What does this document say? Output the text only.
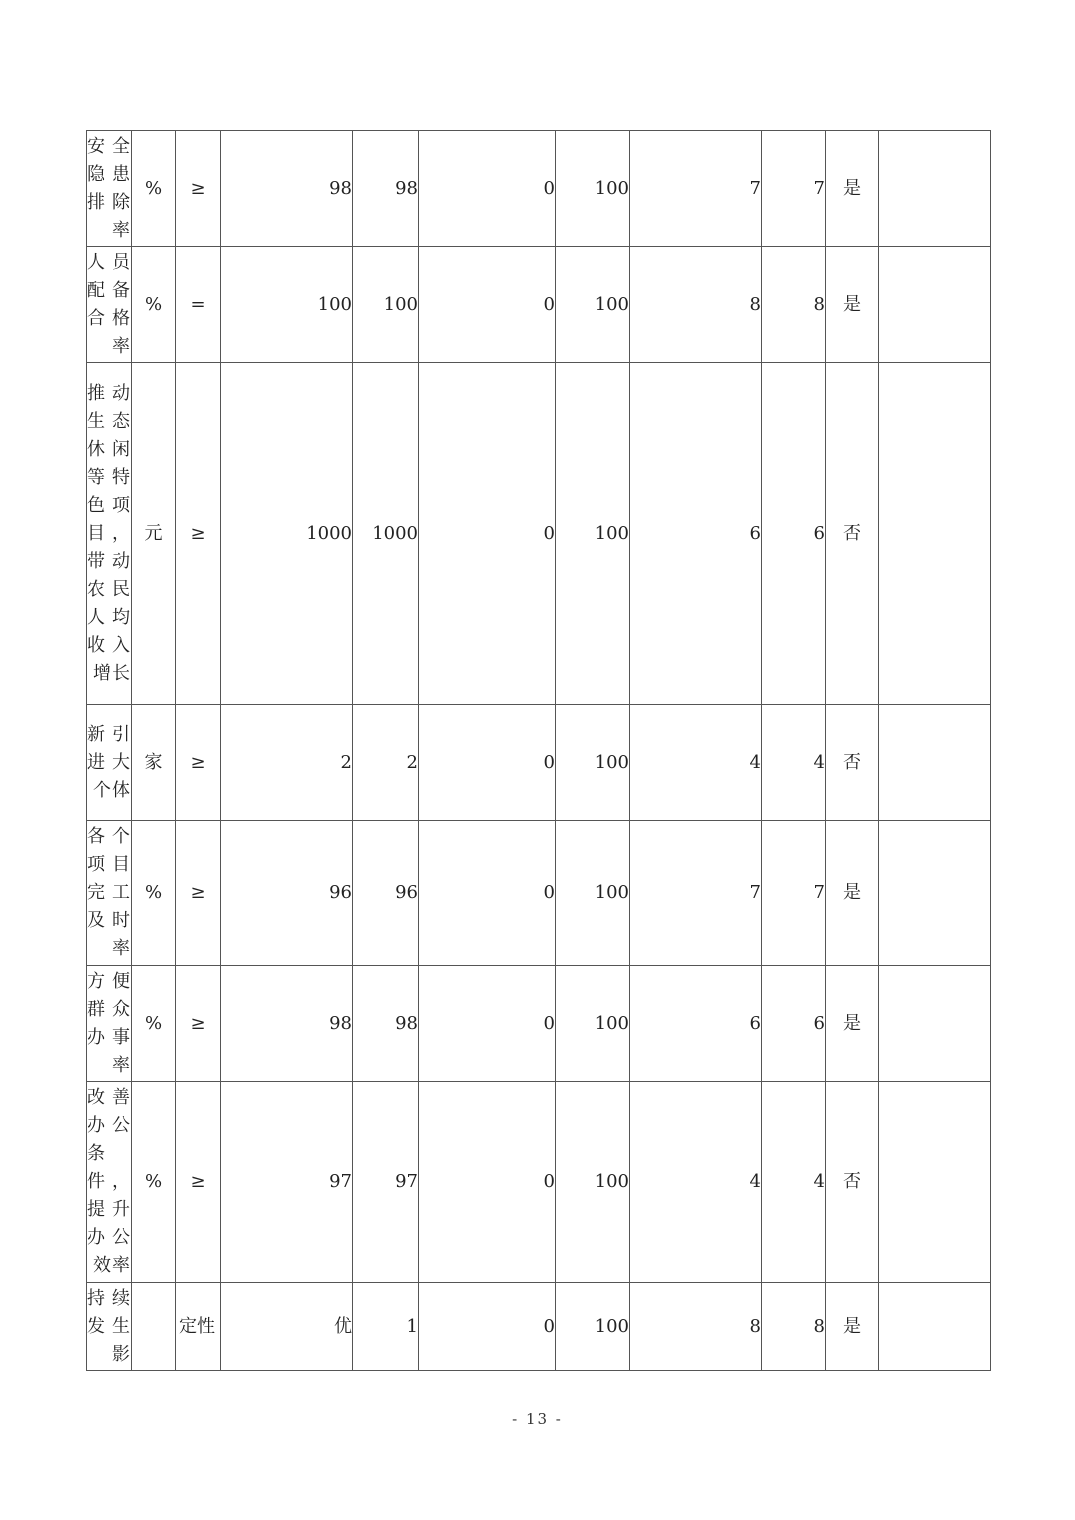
安全隐患排除率	%	≥	98	98	0	100	7	7	是	
人员配备合格率	%	=	100	100	0	100	8	8	是	
推动生态休闲等特色项目，带动农民人均收入增长	元	≥	1000	1000	0	100	6	6	否	
新引进大个体	家	≥	2	2	0	100	4	4	否	
各个项目完工及时率	%	≥	96	96	0	100	7	7	是	
方便群众办事率	%	≥	98	98	0	100	6	6	是	
改善办公条件，提升办公效率	%	≥	97	97	0	100	4	4	否	
持续发生影		定性	优	1	0	100	8	8	是	
- 13 -
